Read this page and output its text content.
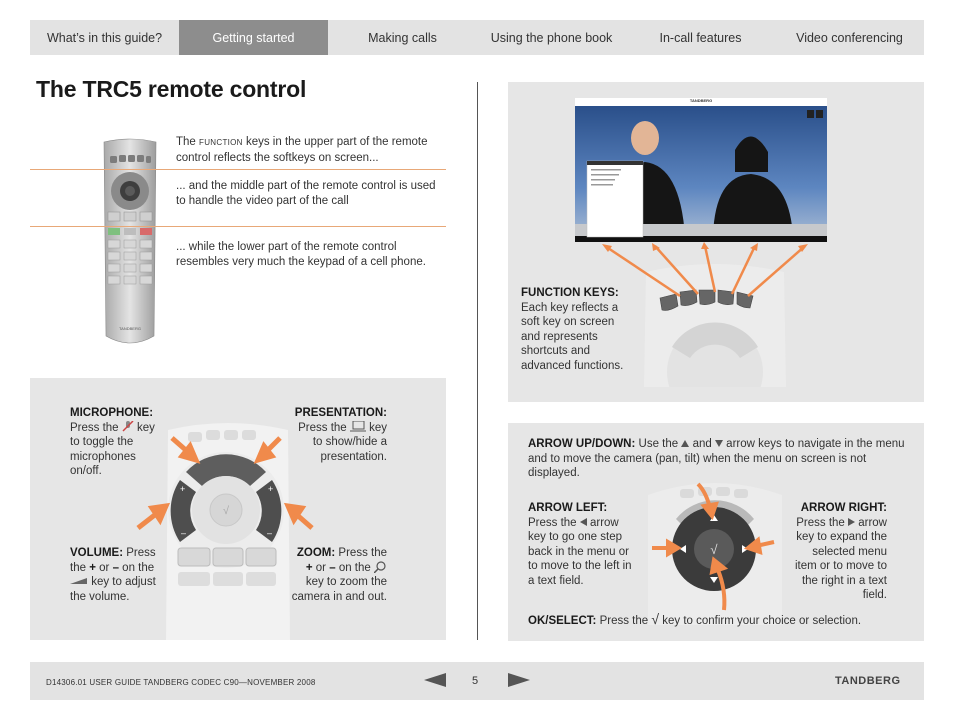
What’s in this guide?	Getting started	Making calls	Using the phone book	In-call features	Video conferencing
The TRC5 remote control
TANDBERG
The FUNCTION keys in the upper part of the remote control reflects the softkeys on screen...
... and the middle part of the remote control is used to handle the video part of the call
... while the lower part of the remote control resembles very much the keypad of a cell phone.
√
+	+
–	–
MICROPHONE:
Press the key to toggle the microphones on/off.
PRESENTATION:
Press the key to show/hide a presentation.
VOLUME: Press the + or – on the  key to adjust the volume.
ZOOM: Press the
+ or – on the  key to zoom the camera in and out.
TANDBERG
FUNCTION KEYS:
Each key reflects a soft key on screen and represents shortcuts and advanced functions.
ARROW UP/DOWN: Use the and arrow keys to navigate in the menu and to move the camera (pan, tilt) when the menu on screen is not displayed.
√
ARROW LEFT:
Press the arrow key to go one step back in the menu or to move to the left in a text field.
ARROW RIGHT:
Press the arrow key to expand the selected menu item or to move to the right in a text field.
OK/SELECT: Press the √ key to confirm your choice or selection.
D14306.01 USER GUIDE TANDBERG CODEC C90—NOVEMBER 2008	5	TANDBERG
